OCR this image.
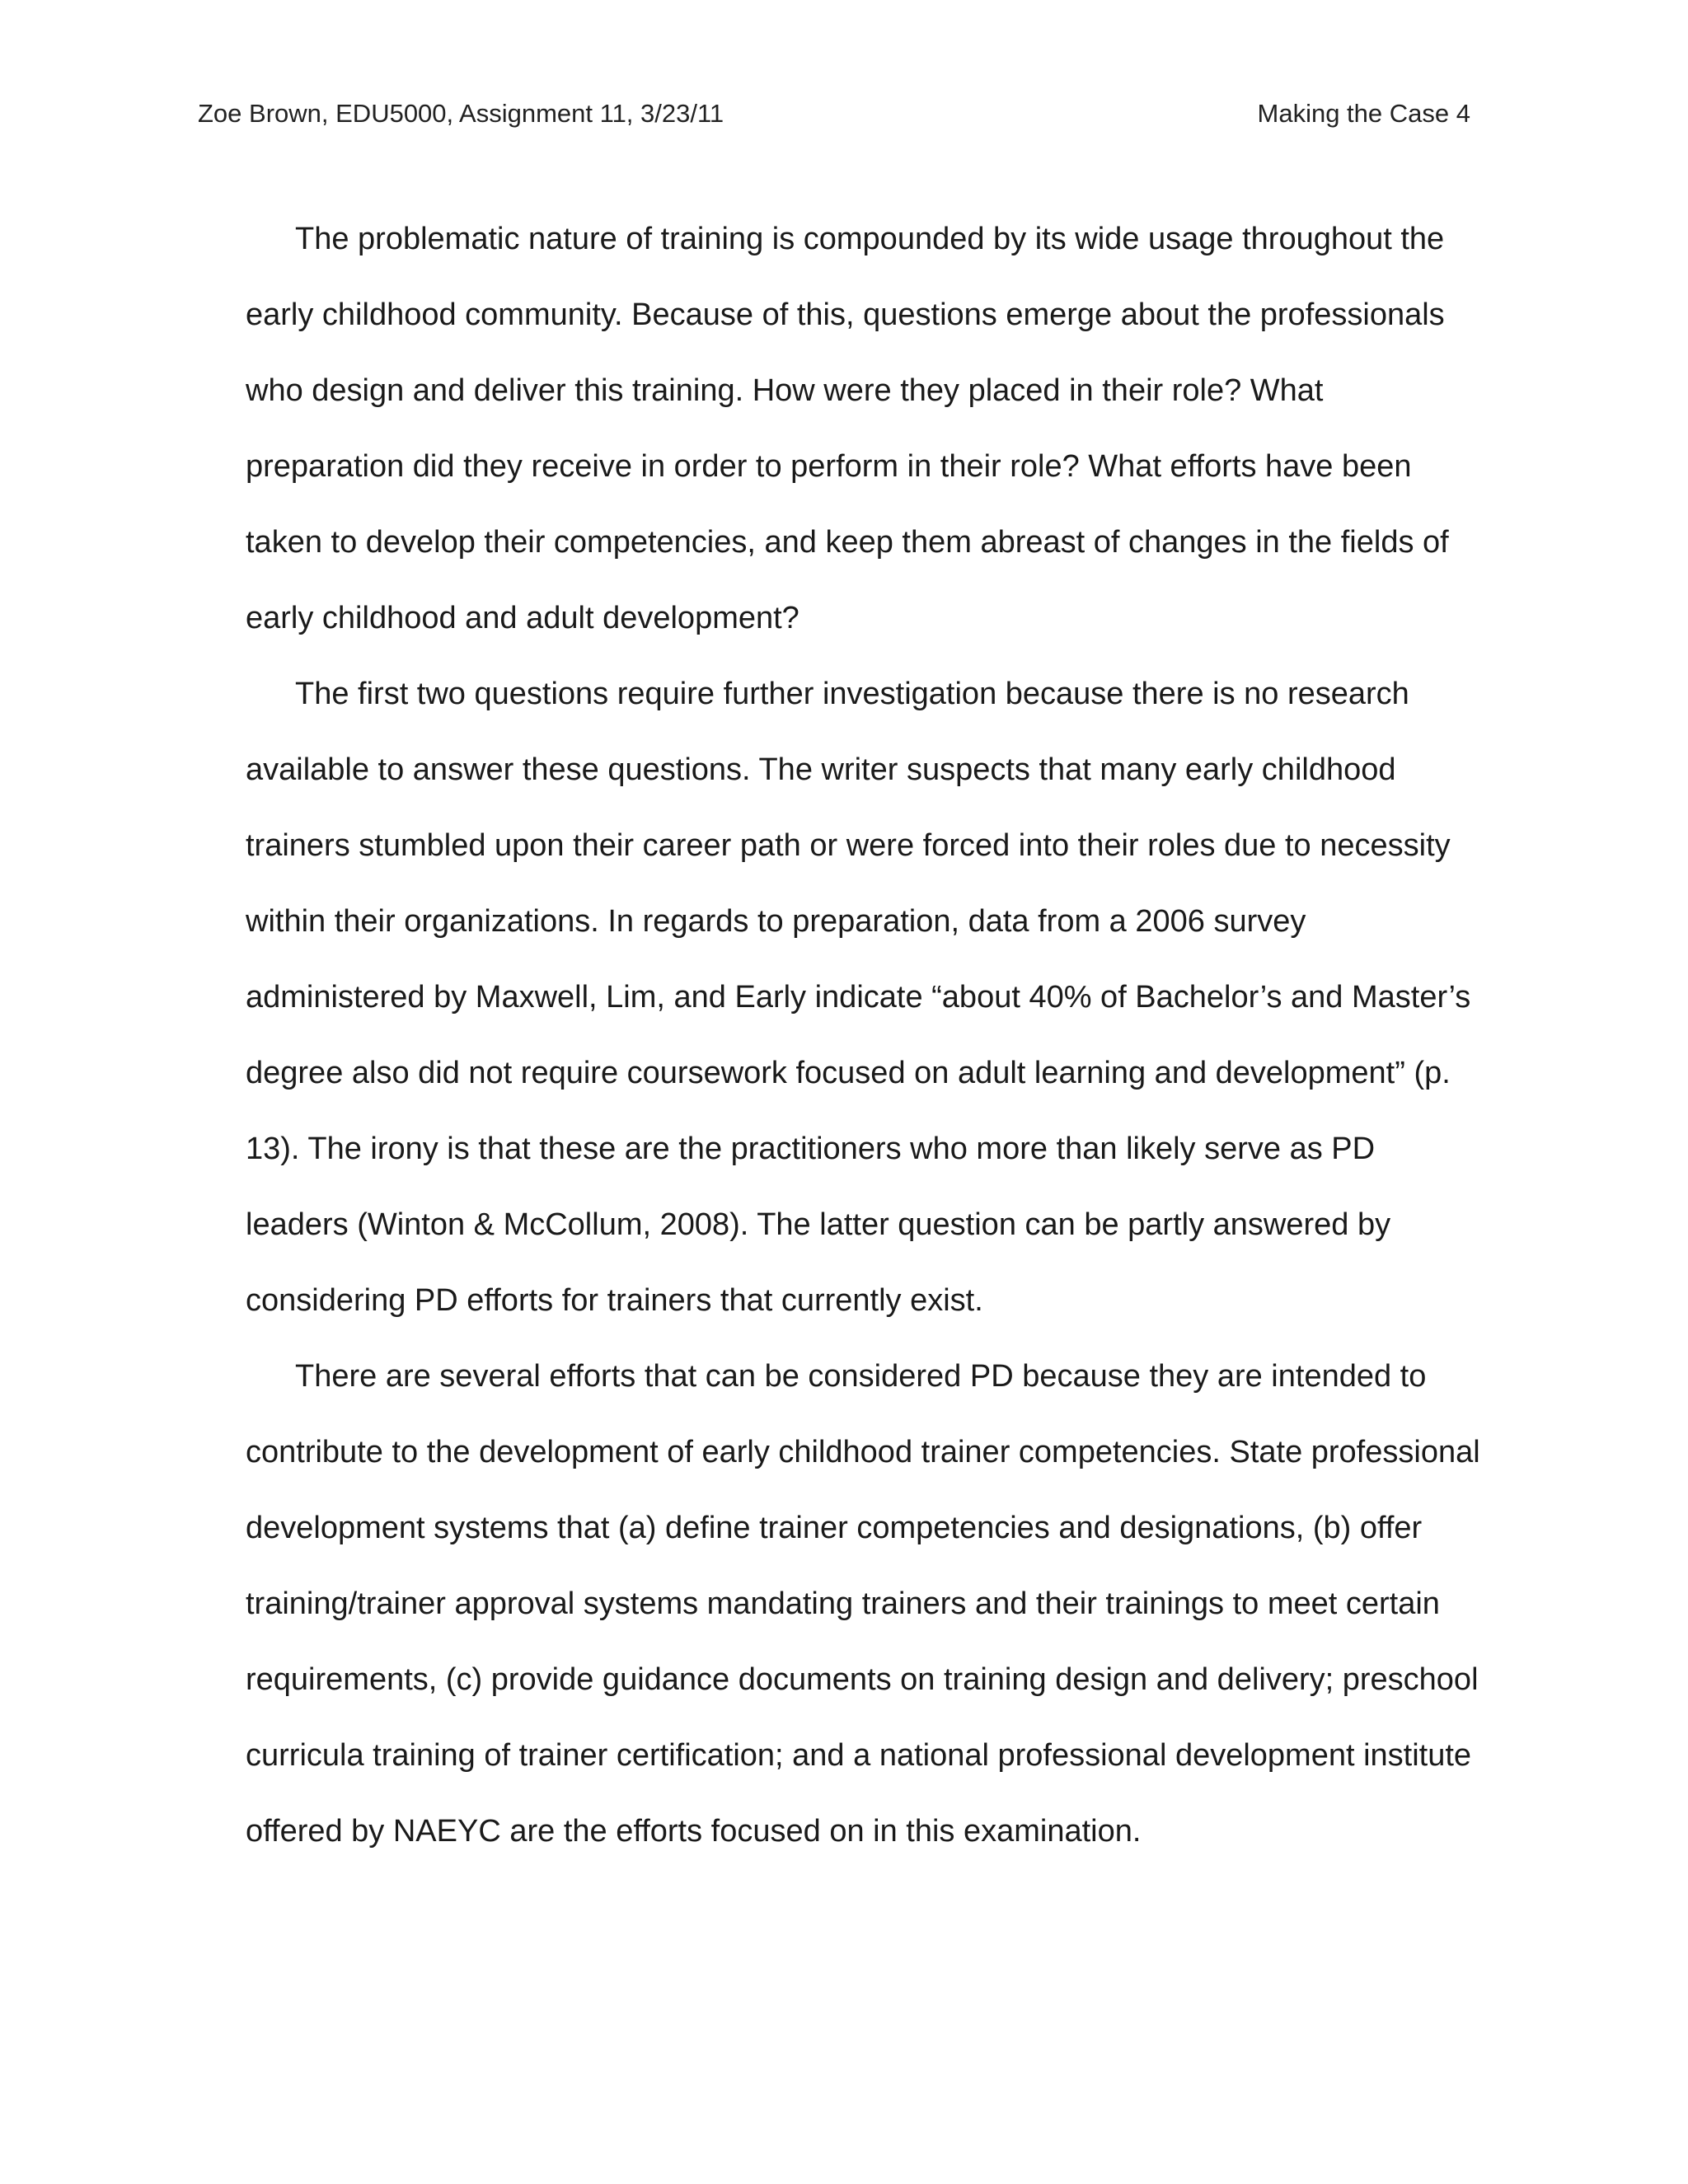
Zoe Brown, EDU5000, Assignment 11, 3/23/11	Making the Case 4

The problematic nature of training is compounded by its wide usage throughout the early childhood community. Because of this, questions emerge about the professionals who design and deliver this training. How were they placed in their role? What preparation did they receive in order to perform in their role? What efforts have been taken to develop their competencies, and keep them abreast of changes in the fields of early childhood and adult development?

The first two questions require further investigation because there is no research available to answer these questions. The writer suspects that many early childhood trainers stumbled upon their career path or were forced into their roles due to necessity within their organizations. In regards to preparation, data from a 2006 survey administered by Maxwell, Lim, and Early indicate “about 40% of Bachelor’s and Master’s degree also did not require coursework focused on adult learning and development” (p. 13). The irony is that these are the practitioners who more than likely serve as PD leaders (Winton & McCollum, 2008). The latter question can be partly answered by considering PD efforts for trainers that currently exist.

There are several efforts that can be considered PD because they are intended to contribute to the development of early childhood trainer competencies. State professional development systems that (a) define trainer competencies and designations, (b) offer training/trainer approval systems mandating trainers and their trainings to meet certain requirements, (c) provide guidance documents on training design and delivery; preschool curricula training of trainer certification; and a national professional development institute offered by NAEYC are the efforts focused on in this examination.
